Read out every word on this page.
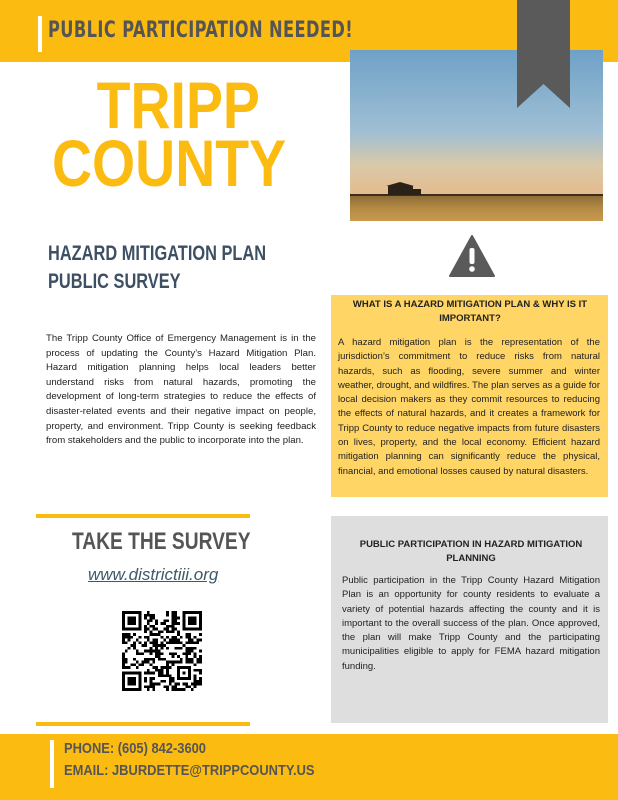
PUBLIC PARTICIPATION NEEDED!
TRIPP
COUNTY
HAZARD MITIGATION PLAN
PUBLIC SURVEY
The Tripp County Office of Emergency Management is in the process of updating the County’s Hazard Mitigation Plan. Hazard mitigation planning helps local leaders better understand risks from natural hazards, promoting the development of long-term strategies to reduce the effects of disaster-related events and their negative impact on people, property, and environment. Tripp County is seeking feedback from stakeholders and the public to incorporate into the plan.
WHAT IS A HAZARD MITIGATION PLAN & WHY IS IT IMPORTANT?
A hazard mitigation plan is the representation of the jurisdiction’s commitment to reduce risks from natural hazards, such as flooding, severe summer and winter weather, drought, and wildfires. The plan serves as a guide for local decision makers as they commit resources to reducing the effects of natural hazards, and it creates a framework for Tripp County to reduce negative impacts from future disasters on lives, property, and the local economy. Efficient hazard mitigation planning can significantly reduce the physical, financial, and emotional losses caused by natural disasters.
PUBLIC PARTICIPATION IN HAZARD MITIGATION PLANNING
Public participation in the Tripp County Hazard Mitigation Plan is an opportunity for county residents to evaluate a variety of potential hazards affecting the county and it is important to the overall success of the plan. Once approved, the plan will make Tripp County and the participating municipalities eligible to apply for FEMA hazard mitigation funding.
TAKE THE SURVEY
www.districtiii.org
PHONE: (605) 842-3600
EMAIL: JBURDETTE@TRIPPCOUNTY.US
